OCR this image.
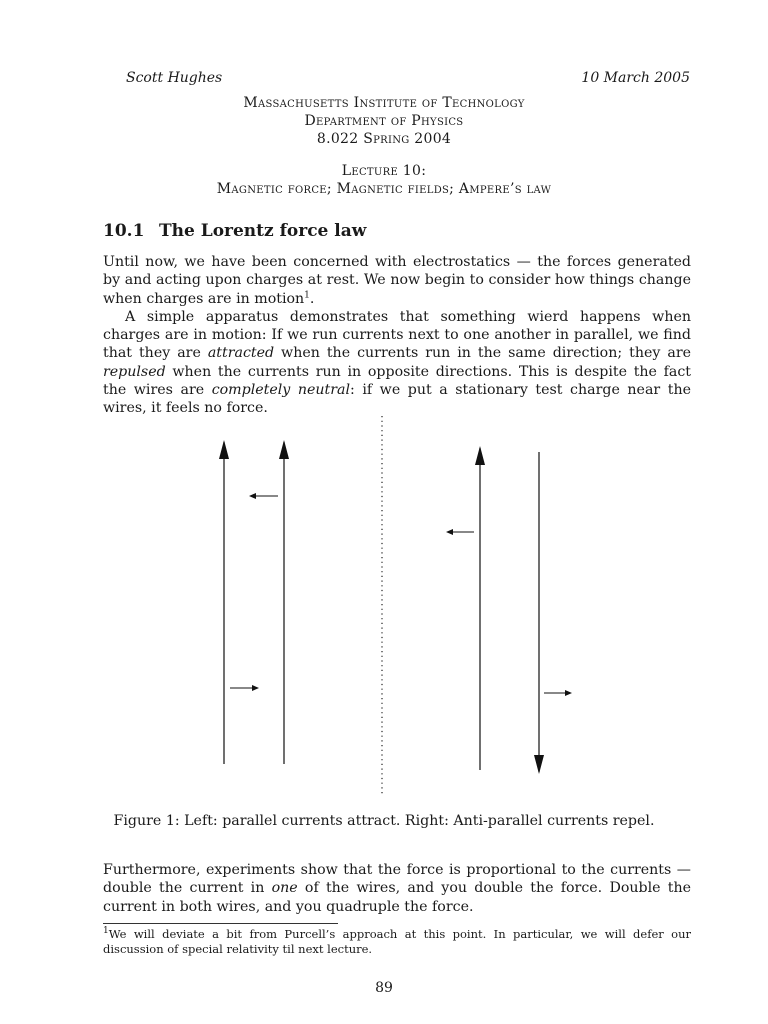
Scott Hughes	10 March 2005
Massachusetts Institute of Technology
Department of Physics
8.022 Spring 2004
Lecture 10:
Magnetic force; Magnetic fields; Ampere’s law
10.1 The Lorentz force law

Until now, we have been concerned with electrostatics — the forces generated by and acting upon charges at rest. We now begin to consider how things change when charges are in motion$^1$.

A simple apparatus demonstrates that something wierd happens when charges are in motion: If we run currents next to one another in parallel, we find that they are attracted when the currents run in the same direction; they are repulsed when the currents run in opposite directions. This is despite the fact the wires are completely neutral: if we put a stationary test charge near the wires, it feels no force.

Figure 1: Left: parallel currents attract. Right: Anti-parallel currents repel.

Furthermore, experiments show that the force is proportional to the currents — double the current in one of the wires, and you double the force. Double the current in both wires, and you quadruple the force.

$^1$We will deviate a bit from Purcell’s approach at this point. In particular, we will defer our discussion of special relativity til next lecture.
89
